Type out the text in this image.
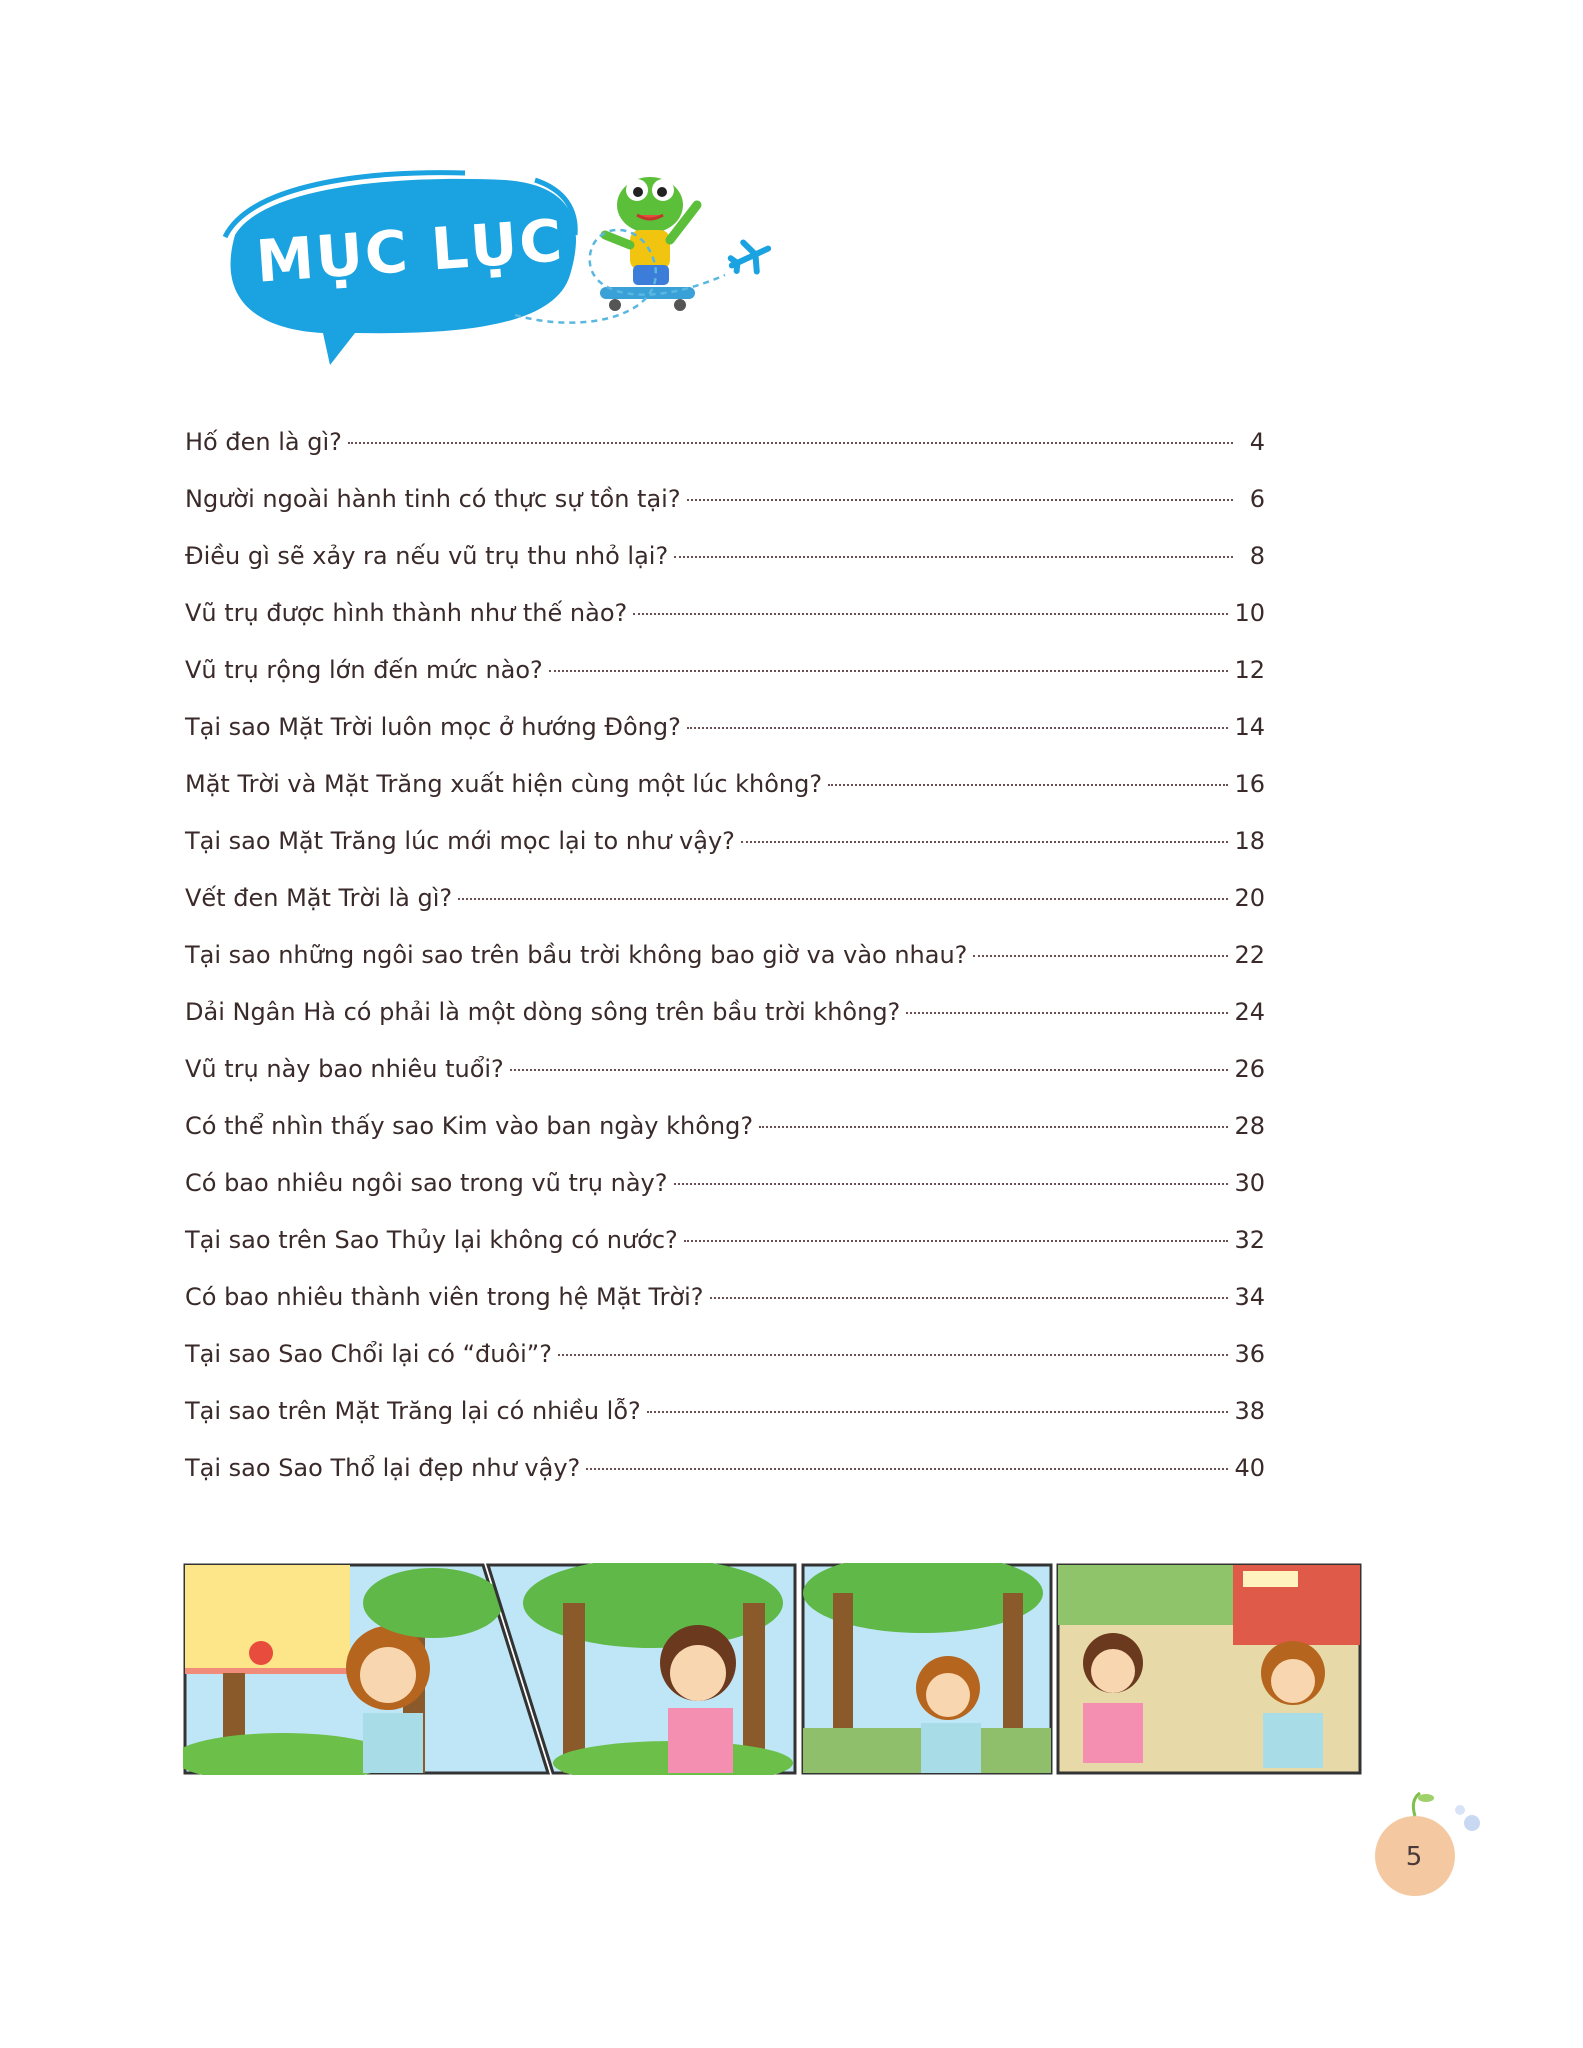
MỤC LỤC
Hố đen là gì?	4
Người ngoài hành tinh có thực sự tồn tại?	6
Điều gì sẽ xảy ra nếu vũ trụ thu nhỏ lại?	8
Vũ trụ được hình thành như thế nào?	10
Vũ trụ rộng lớn đến mức nào?	12
Tại sao Mặt Trời luôn mọc ở hướng Đông?	14
Mặt Trời và Mặt Trăng xuất hiện cùng một lúc không?	16
Tại sao Mặt Trăng lúc mới mọc lại to như vậy?	18
Vết đen Mặt Trời là gì?	20
Tại sao những ngôi sao trên bầu trời không bao giờ va vào nhau?	22
Dải Ngân Hà có phải là một dòng sông trên bầu trời không?	24
Vũ trụ này bao nhiêu tuổi?	26
Có thể nhìn thấy sao Kim vào ban ngày không?	28
Có bao nhiêu ngôi sao trong vũ trụ này?	30
Tại sao trên Sao Thủy lại không có nước?	32
Có bao nhiêu thành viên trong hệ Mặt Trời?	34
Tại sao Sao Chổi lại có “đuôi”?	36
Tại sao trên Mặt Trăng lại có nhiều lỗ?	38
Tại sao Sao Thổ lại đẹp như vậy?	40
5
